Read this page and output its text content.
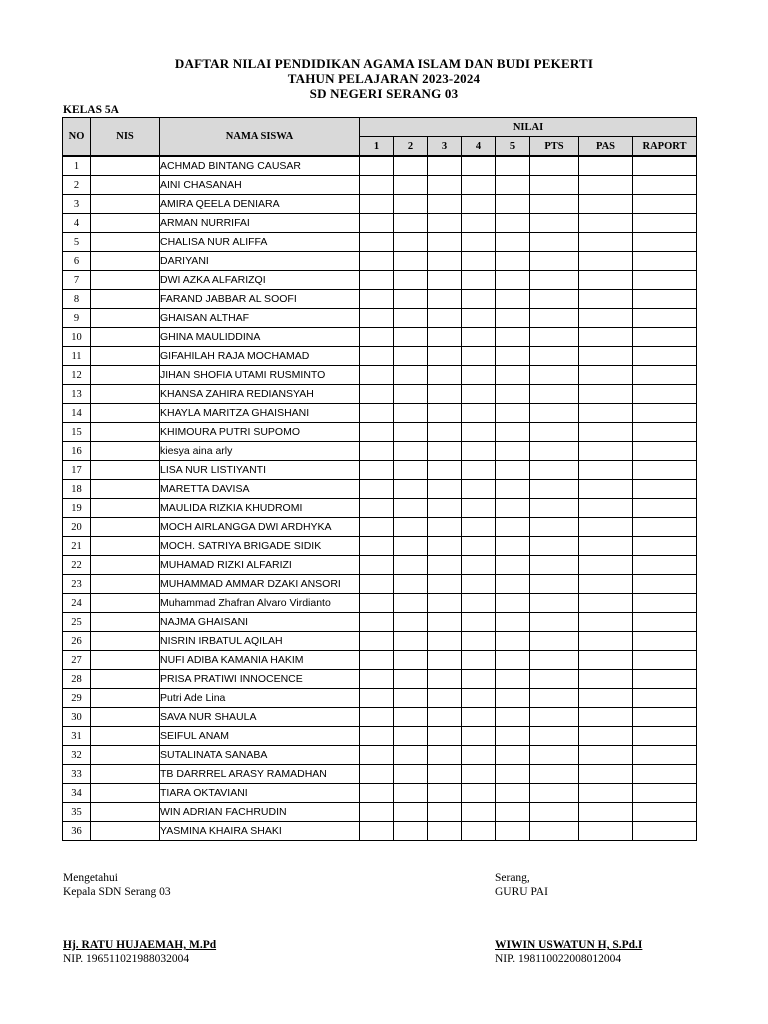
DAFTAR NILAI PENDIDIKAN AGAMA ISLAM DAN BUDI PEKERTI
TAHUN PELAJARAN 2023-2024
SD NEGERI SERANG 03
KELAS 5A
NO	NIS	NAMA SISWA	NILAI							
			1	2	3	4	5	PTS	PAS	RAPORT
1		ACHMAD BINTANG CAUSAR								
2		AINI CHASANAH								
3		AMIRA QEELA DENIARA								
4		ARMAN NURRIFAI								
5		CHALISA NUR ALIFFA								
6		DARIYANI								
7		DWI AZKA ALFARIZQI								
8		FARAND JABBAR AL SOOFI								
9		GHAISAN ALTHAF								
10		GHINA MAULIDDINA								
11		GIFAHILAH RAJA MOCHAMAD								
12		JIHAN SHOFIA UTAMI RUSMINTO								
13		KHANSA ZAHIRA REDIANSYAH								
14		KHAYLA MARITZA GHAISHANI								
15		KHIMOURA PUTRI SUPOMO								
16		kiesya aina arly								
17		LISA NUR LISTIYANTI								
18		MARETTA DAVISA								
19		MAULIDA RIZKIA KHUDROMI								
20		MOCH AIRLANGGA DWI ARDHYKA								
21		MOCH. SATRIYA BRIGADE SIDIK								
22		MUHAMAD RIZKI ALFARIZI								
23		MUHAMMAD AMMAR DZAKI ANSORI								
24		Muhammad Zhafran Alvaro Virdianto								
25		NAJMA GHAISANI								
26		NISRIN IRBATUL AQILAH								
27		NUFI ADIBA KAMANIA HAKIM								
28		PRISA PRATIWI INNOCENCE								
29		Putri Ade Lina								
30		SAVA NUR SHAULA								
31		SEIFUL ANAM								
32		SUTALINATA SANABA								
33		TB DARRREL ARASY RAMADHAN								
34		TIARA OKTAVIANI								
35		WIN ADRIAN FACHRUDIN								
36		YASMINA KHAIRA SHAKI								
Mengetahui
Kepala SDN Serang 03
Hj. RATU HUJAEMAH, M.Pd
NIP. 196511021988032004
Serang,
GURU PAI
WIWIN USWATUN H, S.Pd.I
NIP. 198110022008012004
